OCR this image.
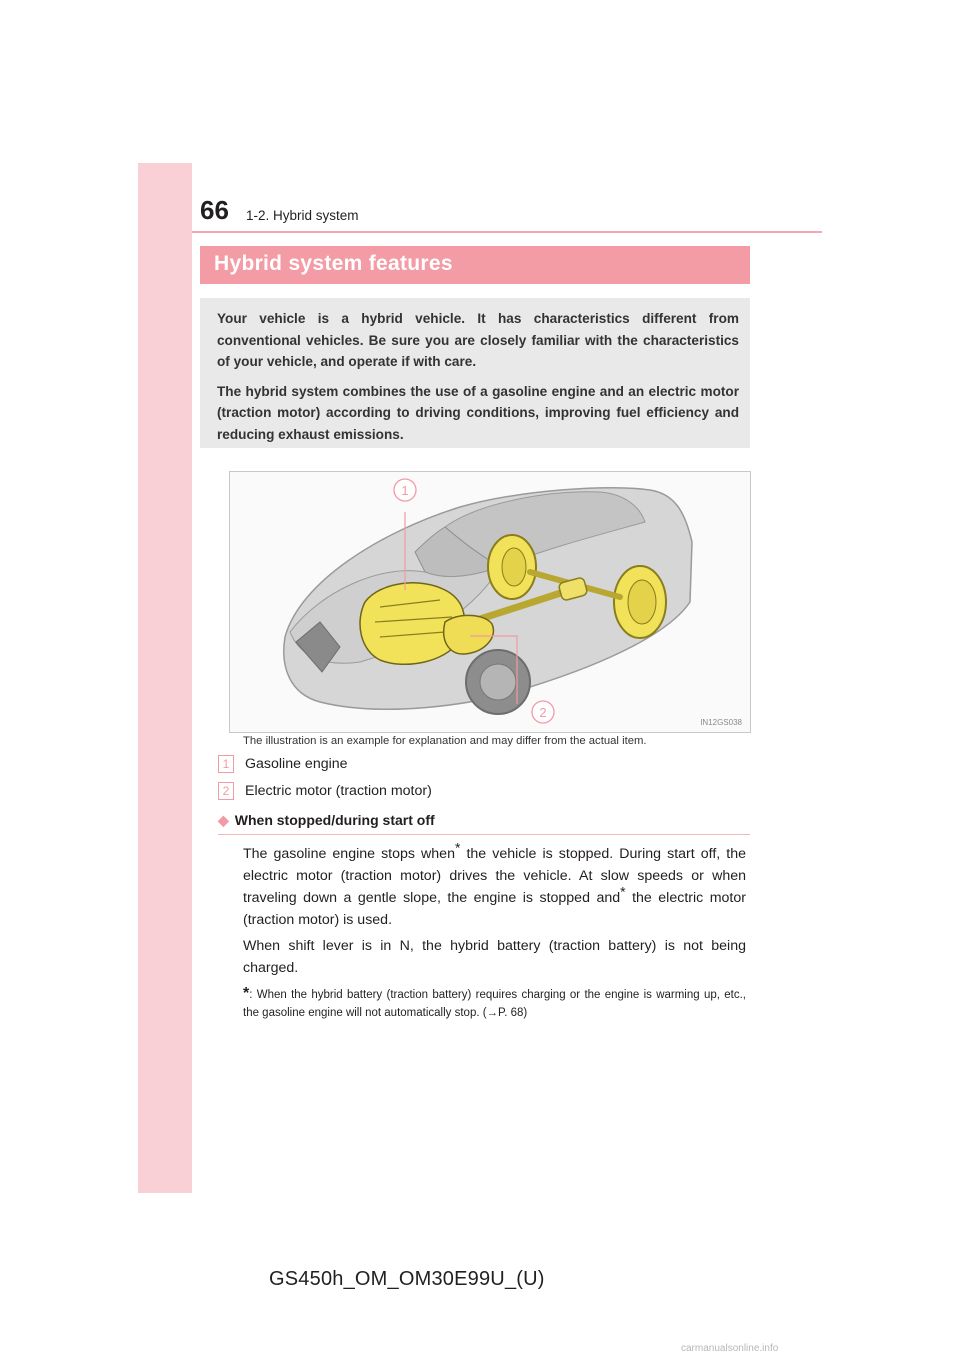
66 1-2. Hybrid system
Hybrid system features

Your vehicle is a hybrid vehicle. It has characteristics different from conventional vehicles. Be sure you are closely familiar with the characteristics of your vehicle, and operate if with care.

The hybrid system combines the use of a gasoline engine and an electric motor (traction motor) according to driving conditions, improving fuel efficiency and reducing exhaust emissions.

1
2
IN12GS038
The illustration is an example for explanation and may differ from the actual item.
1	Gasoline engine
2	Electric motor (traction motor)
◆ When stopped/during start off

The gasoline engine stops when* the vehicle is stopped. During start off, the electric motor (traction motor) drives the vehicle. At slow speeds or when traveling down a gentle slope, the engine is stopped and* the electric motor (traction motor) is used.

When shift lever is in N, the hybrid battery (traction battery) is not being charged.

*: When the hybrid battery (traction battery) requires charging or the engine is warming up, etc., the gasoline engine will not automatically stop. (→P. 68)
GS450h_OM_OM30E99U_(U)
carmanualsonline.info
